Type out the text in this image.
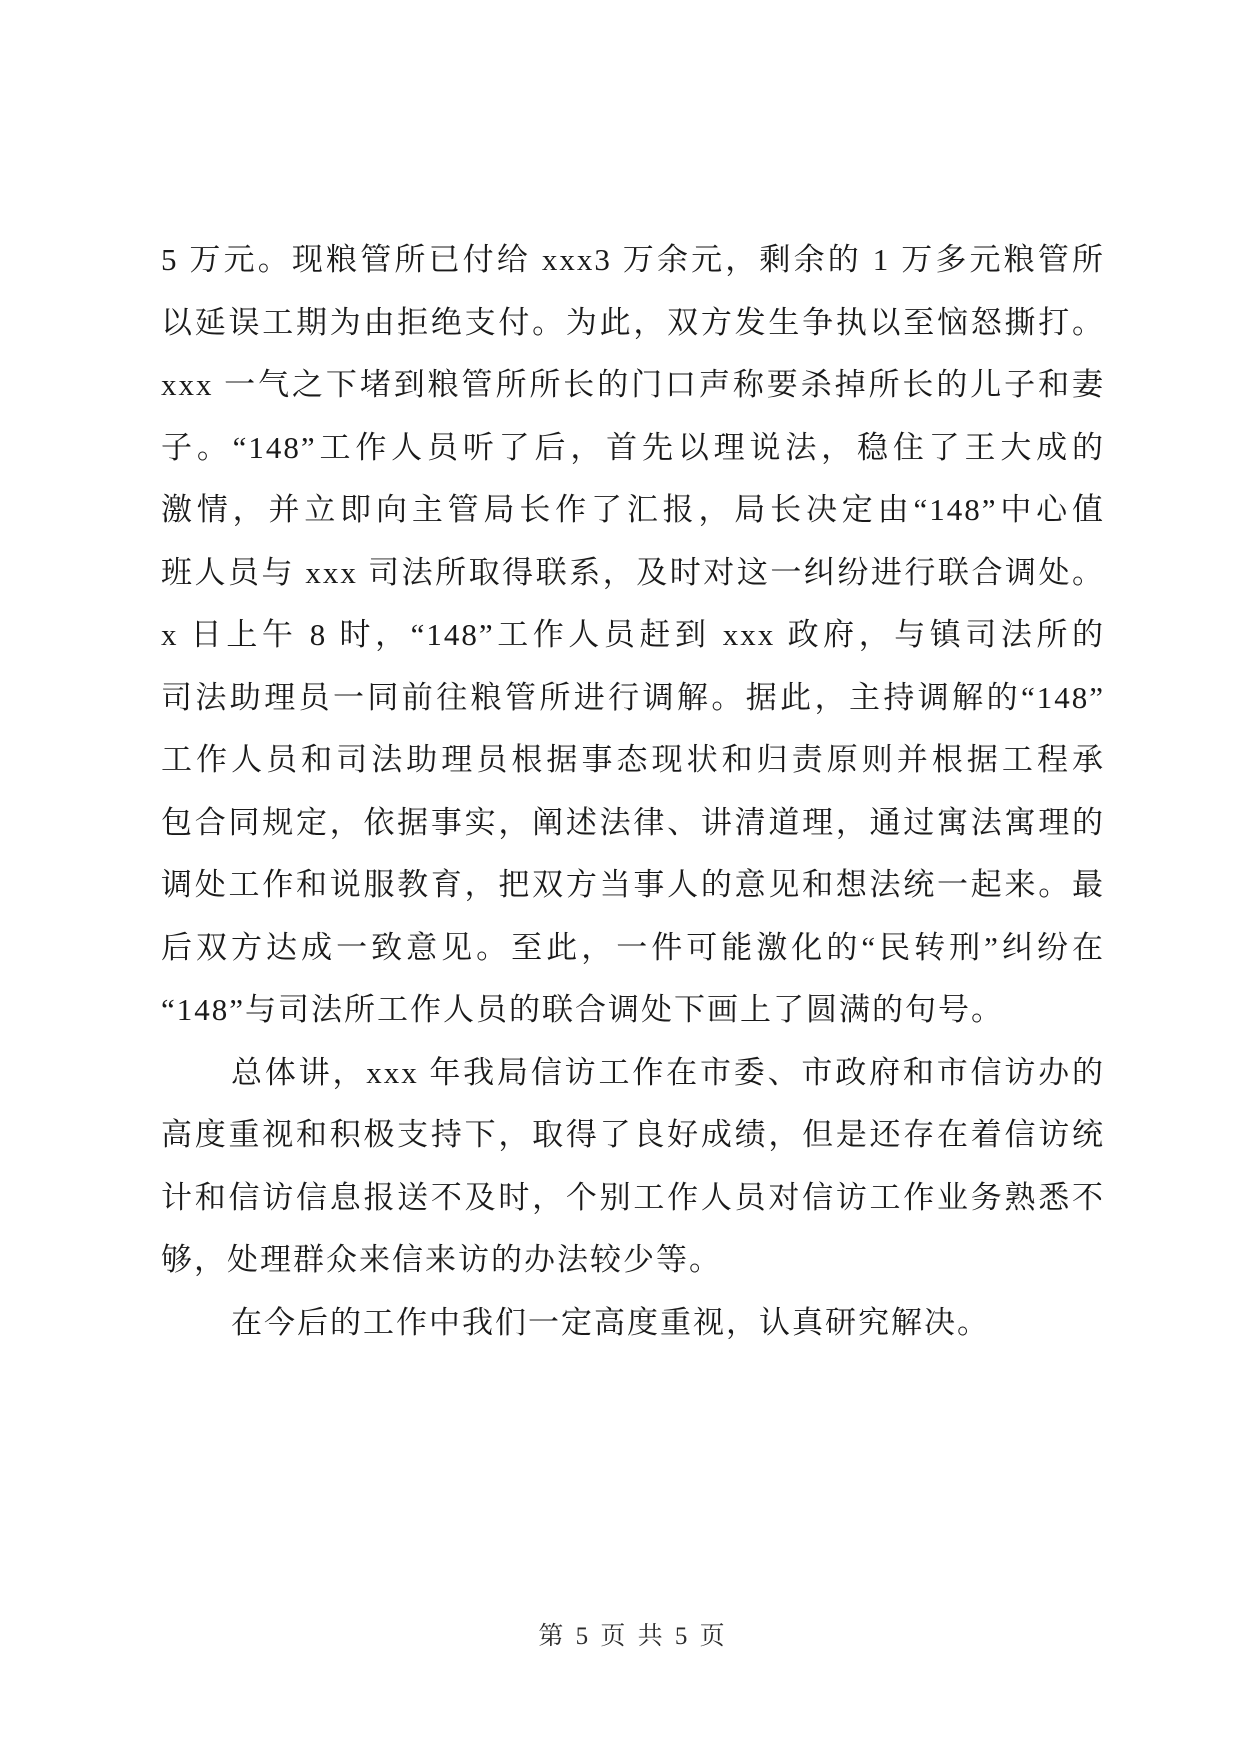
5 万元。现粮管所已付给 xxx3 万余元，剩余的 1 万多元粮管所

以延误工期为由拒绝支付。为此，双方发生争执以至恼怒撕打。

xxx 一气之下堵到粮管所所长的门口声称要杀掉所长的儿子和妻

子。“148”工作人员听了后，首先以理说法，稳住了王大成的

激情，并立即向主管局长作了汇报，局长决定由“148”中心值

班人员与 xxx 司法所取得联系，及时对这一纠纷进行联合调处。

x 日上午 8 时，“148”工作人员赶到 xxx 政府，与镇司法所的

司法助理员一同前往粮管所进行调解。据此，主持调解的“148”

工作人员和司法助理员根据事态现状和归责原则并根据工程承

包合同规定，依据事实，阐述法律、讲清道理，通过寓法寓理的

调处工作和说服教育，把双方当事人的意见和想法统一起来。最

后双方达成一致意见。至此，一件可能激化的“民转刑”纠纷在

“148”与司法所工作人员的联合调处下画上了圆满的句号。

总体讲，xxx 年我局信访工作在市委、市政府和市信访办的

高度重视和积极支持下，取得了良好成绩，但是还存在着信访统

计和信访信息报送不及时，个别工作人员对信访工作业务熟悉不

够，处理群众来信来访的办法较少等。

在今后的工作中我们一定高度重视，认真研究解决。

第 5 页 共 5 页
